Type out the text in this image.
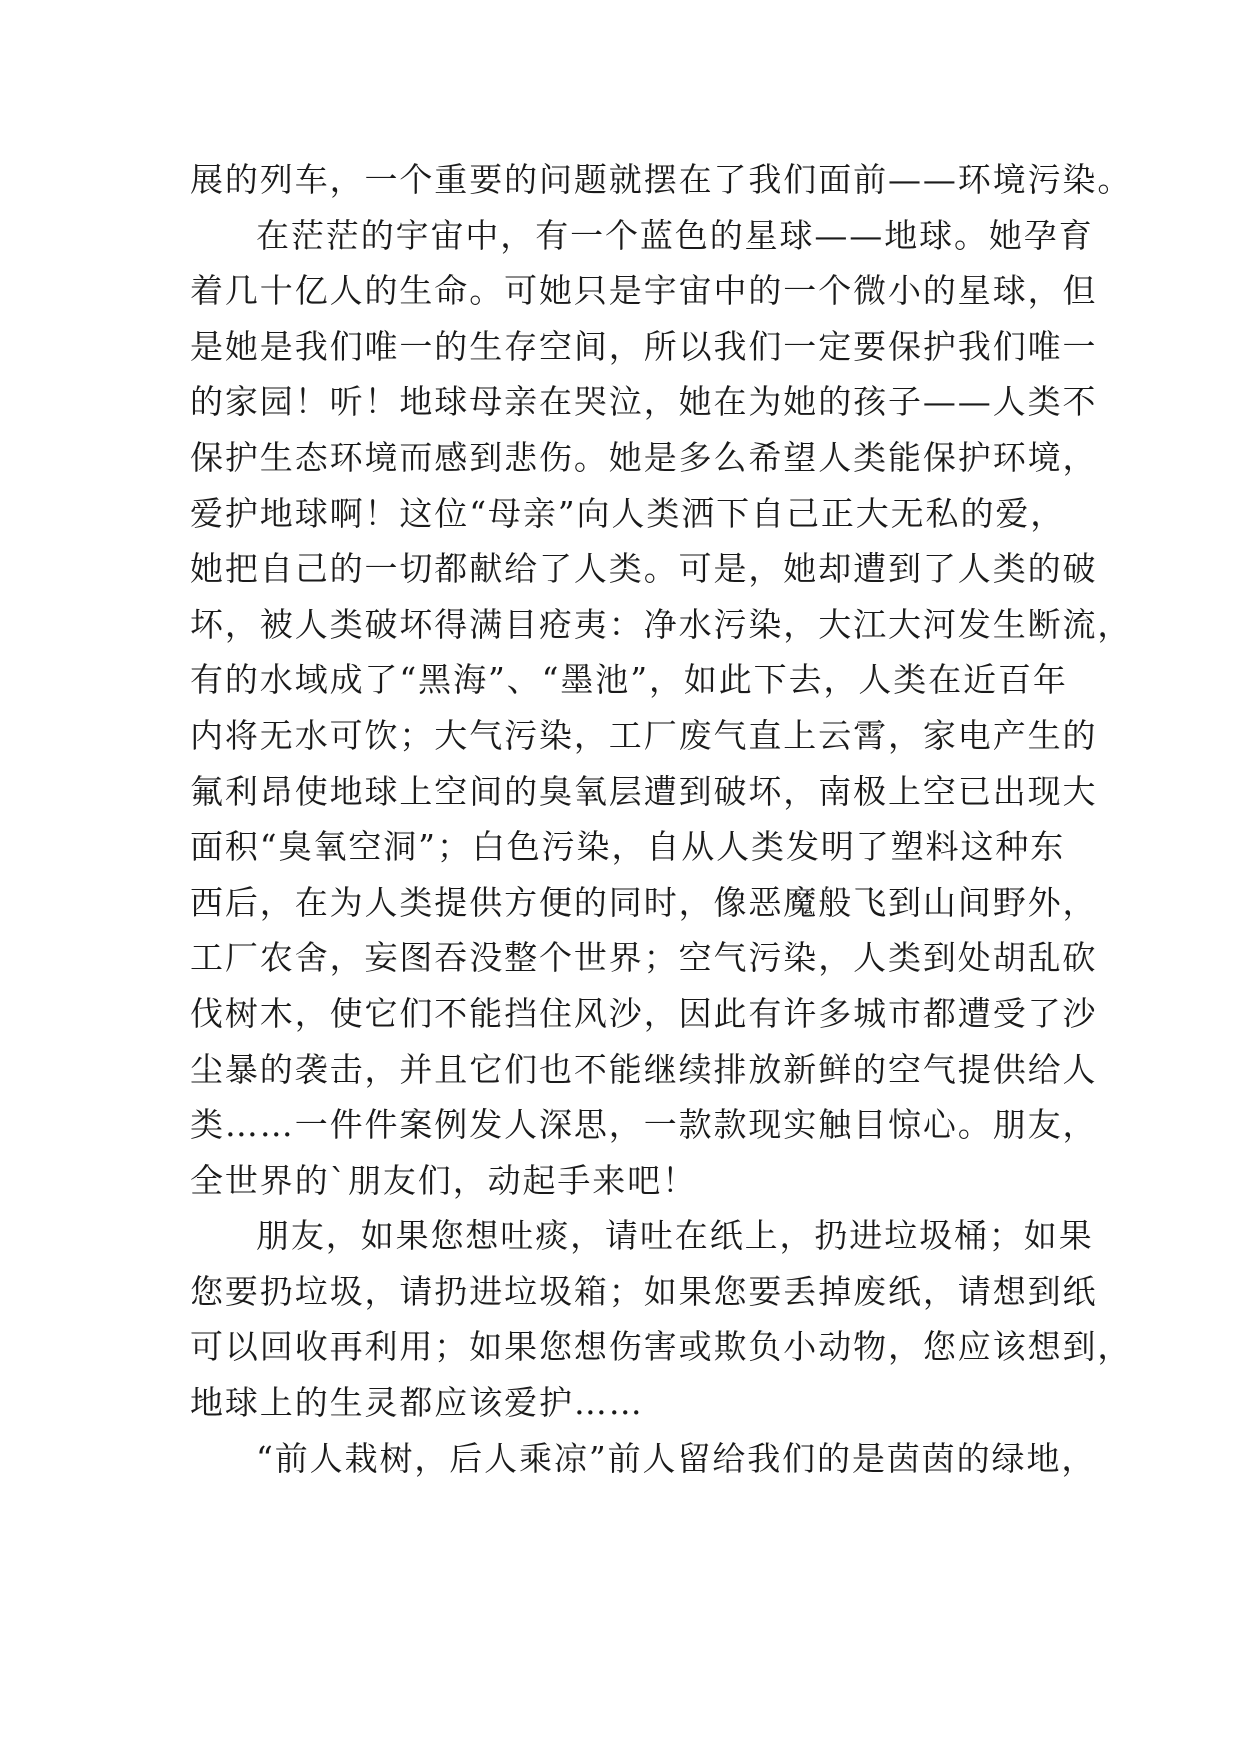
展的列车，一个重要的问题就摆在了我们面前——环境污染。
在茫茫的宇宙中，有一个蓝色的星球——地球。她孕育
着几十亿人的生命。可她只是宇宙中的一个微小的星球，但
是她是我们唯一的生存空间，所以我们一定要保护我们唯一
的家园！听！地球母亲在哭泣，她在为她的孩子——人类不
保护生态环境而感到悲伤。她是多么希望人类能保护环境，
爱护地球啊！这位“母亲”向人类洒下自己正大无私的爱，
她把自己的一切都献给了人类。可是，她却遭到了人类的破
坏，被人类破坏得满目疮夷：净水污染，大江大河发生断流，
有的水域成了“黑海”、“墨池”，如此下去，人类在近百年
内将无水可饮；大气污染，工厂废气直上云霄，家电产生的
氟利昂使地球上空间的臭氧层遭到破坏，南极上空已出现大
面积“臭氧空洞”；白色污染，自从人类发明了塑料这种东
西后，在为人类提供方便的同时，像恶魔般飞到山间野外，
工厂农舍，妄图吞没整个世界；空气污染，人类到处胡乱砍
伐树木，使它们不能挡住风沙，因此有许多城市都遭受了沙
尘暴的袭击，并且它们也不能继续排放新鲜的空气提供给人
类……一件件案例发人深思，一款款现实触目惊心。朋友，
全世界的`朋友们，动起手来吧！
朋友，如果您想吐痰，请吐在纸上，扔进垃圾桶；如果
您要扔垃圾，请扔进垃圾箱；如果您要丢掉废纸，请想到纸
可以回收再利用；如果您想伤害或欺负小动物，您应该想到，
地球上的生灵都应该爱护……
“前人栽树，后人乘凉”前人留给我们的是茵茵的绿地，
